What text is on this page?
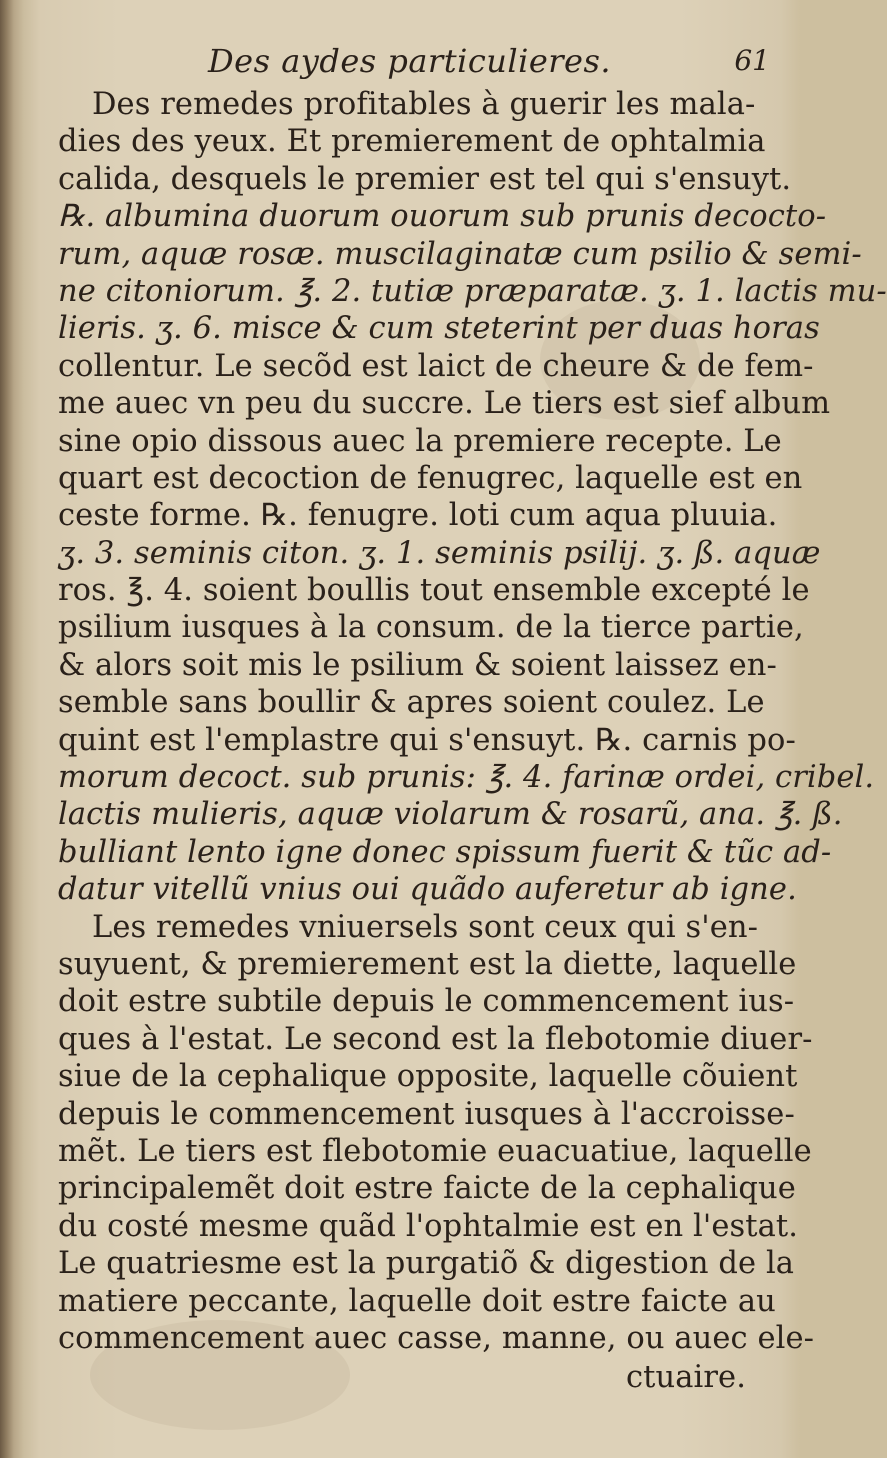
Des aydes particulieres.	61
Des remedes profitables à guerir les mala-
dies des yeux. Et premierement de ophtalmia
calida, desquels le premier est tel qui s'ensuyt.
℞. albumina duorum ouorum sub prunis decocto-
rum, aquæ rosæ. muscilaginatæ cum psilio & semi-
ne citoniorum. ℥. 2. tutiæ præparatæ. ʒ. 1. lactis mu-
lieris. ʒ. 6. misce & cum steterint per duas horas
collentur. Le secõd est laict de cheure & de fem-
me auec vn peu du succre. Le tiers est sief album
sine opio dissous auec la premiere recepte. Le
quart est decoction de fenugrec, laquelle est en
ceste forme. ℞. fenugre. loti cum aqua pluuia.
ʒ. 3. seminis citon. ʒ. 1. seminis psilij. ʒ. ß. aquæ
ros. ℥. 4. soient boullis tout ensemble excepté le
psilium iusques à la consum. de la tierce partie,
& alors soit mis le psilium & soient laissez en-
semble sans boullir & apres soient coulez. Le
quint est l'emplastre qui s'ensuyt. ℞. carnis po-
morum decoct. sub prunis: ℥. 4. farinæ ordei, cribel.
lactis mulieris, aquæ violarum & rosarũ, ana. ℥. ß.
bulliant lento igne donec spissum fuerit & tũc ad-
datur vitellũ vnius oui quãdo auferetur ab igne.
Les remedes vniuersels sont ceux qui s'en-
suyuent, & premierement est la diette, laquelle
doit estre subtile depuis le commencement ius-
ques à l'estat. Le second est la flebotomie diuer-
siue de la cephalique opposite, laquelle cõuient
depuis le commencement iusques à l'accroisse-
mẽt. Le tiers est flebotomie euacuatiue, laquelle
principalemẽt doit estre faicte de la cephalique
du costé mesme quãd l'ophtalmie est en l'estat.
Le quatriesme est la purgatiõ & digestion de la
matiere peccante, laquelle doit estre faicte au
commencement auec casse, manne, ou auec ele-
ctuaire.
